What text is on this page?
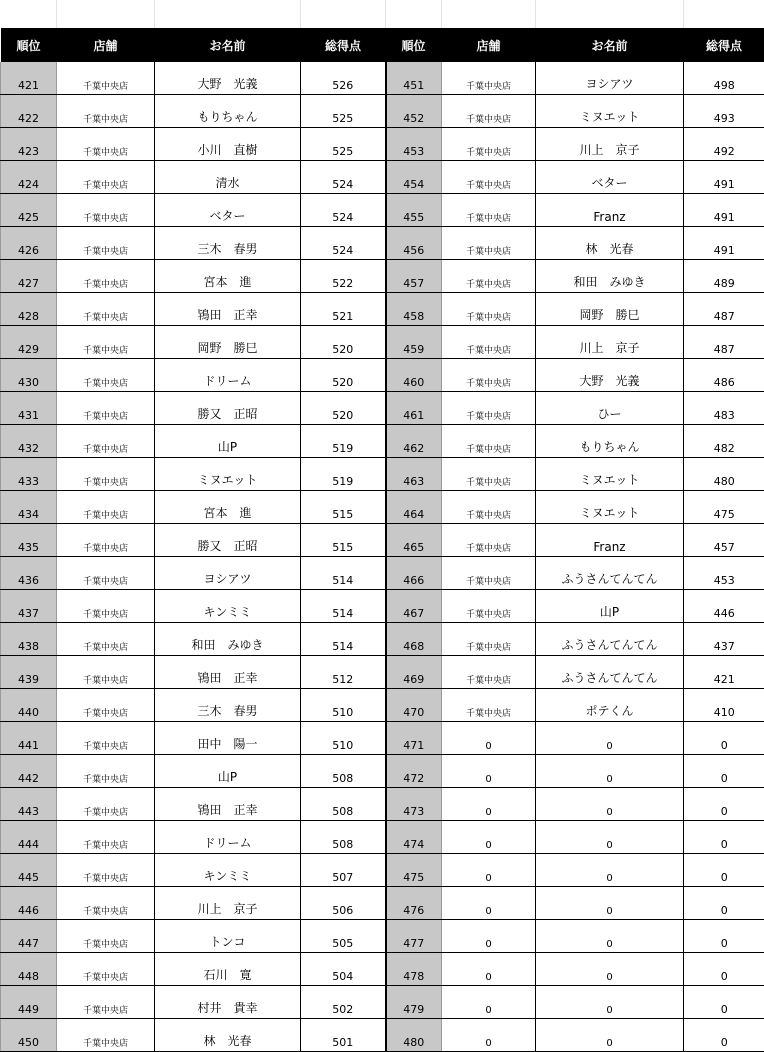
順位	店舗	お名前	総得点	順位	店舗	お名前	総得点
421	千葉中央店	大野　光義	526	451	千葉中央店	ヨシアツ	498
422	千葉中央店	もりちゃん	525	452	千葉中央店	ミヌエット	493
423	千葉中央店	小川　直樹	525	453	千葉中央店	川上　京子	492
424	千葉中央店	清水	524	454	千葉中央店	ベター	491
425	千葉中央店	ベター	524	455	千葉中央店	Franz	491
426	千葉中央店	三木　春男	524	456	千葉中央店	林　光春	491
427	千葉中央店	宮本　進	522	457	千葉中央店	和田　みゆき	489
428	千葉中央店	鴇田　正幸	521	458	千葉中央店	岡野　勝巳	487
429	千葉中央店	岡野　勝巳	520	459	千葉中央店	川上　京子	487
430	千葉中央店	ドリーム	520	460	千葉中央店	大野　光義	486
431	千葉中央店	勝又　正昭	520	461	千葉中央店	ひー	483
432	千葉中央店	山P	519	462	千葉中央店	もりちゃん	482
433	千葉中央店	ミヌエット	519	463	千葉中央店	ミヌエット	480
434	千葉中央店	宮本　進	515	464	千葉中央店	ミヌエット	475
435	千葉中央店	勝又　正昭	515	465	千葉中央店	Franz	457
436	千葉中央店	ヨシアツ	514	466	千葉中央店	ふうさんてんてん	453
437	千葉中央店	キンミミ	514	467	千葉中央店	山P	446
438	千葉中央店	和田　みゆき	514	468	千葉中央店	ふうさんてんてん	437
439	千葉中央店	鴇田　正幸	512	469	千葉中央店	ふうさんてんてん	421
440	千葉中央店	三木　春男	510	470	千葉中央店	ポテくん	410
441	千葉中央店	田中　陽一	510	471	0	0	0
442	千葉中央店	山P	508	472	0	0	0
443	千葉中央店	鴇田　正幸	508	473	0	0	0
444	千葉中央店	ドリーム	508	474	0	0	0
445	千葉中央店	キンミミ	507	475	0	0	0
446	千葉中央店	川上　京子	506	476	0	0	0
447	千葉中央店	トンコ	505	477	0	0	0
448	千葉中央店	石川　寛	504	478	0	0	0
449	千葉中央店	村井　貴幸	502	479	0	0	0
450	千葉中央店	林　光春	501	480	0	0	0
